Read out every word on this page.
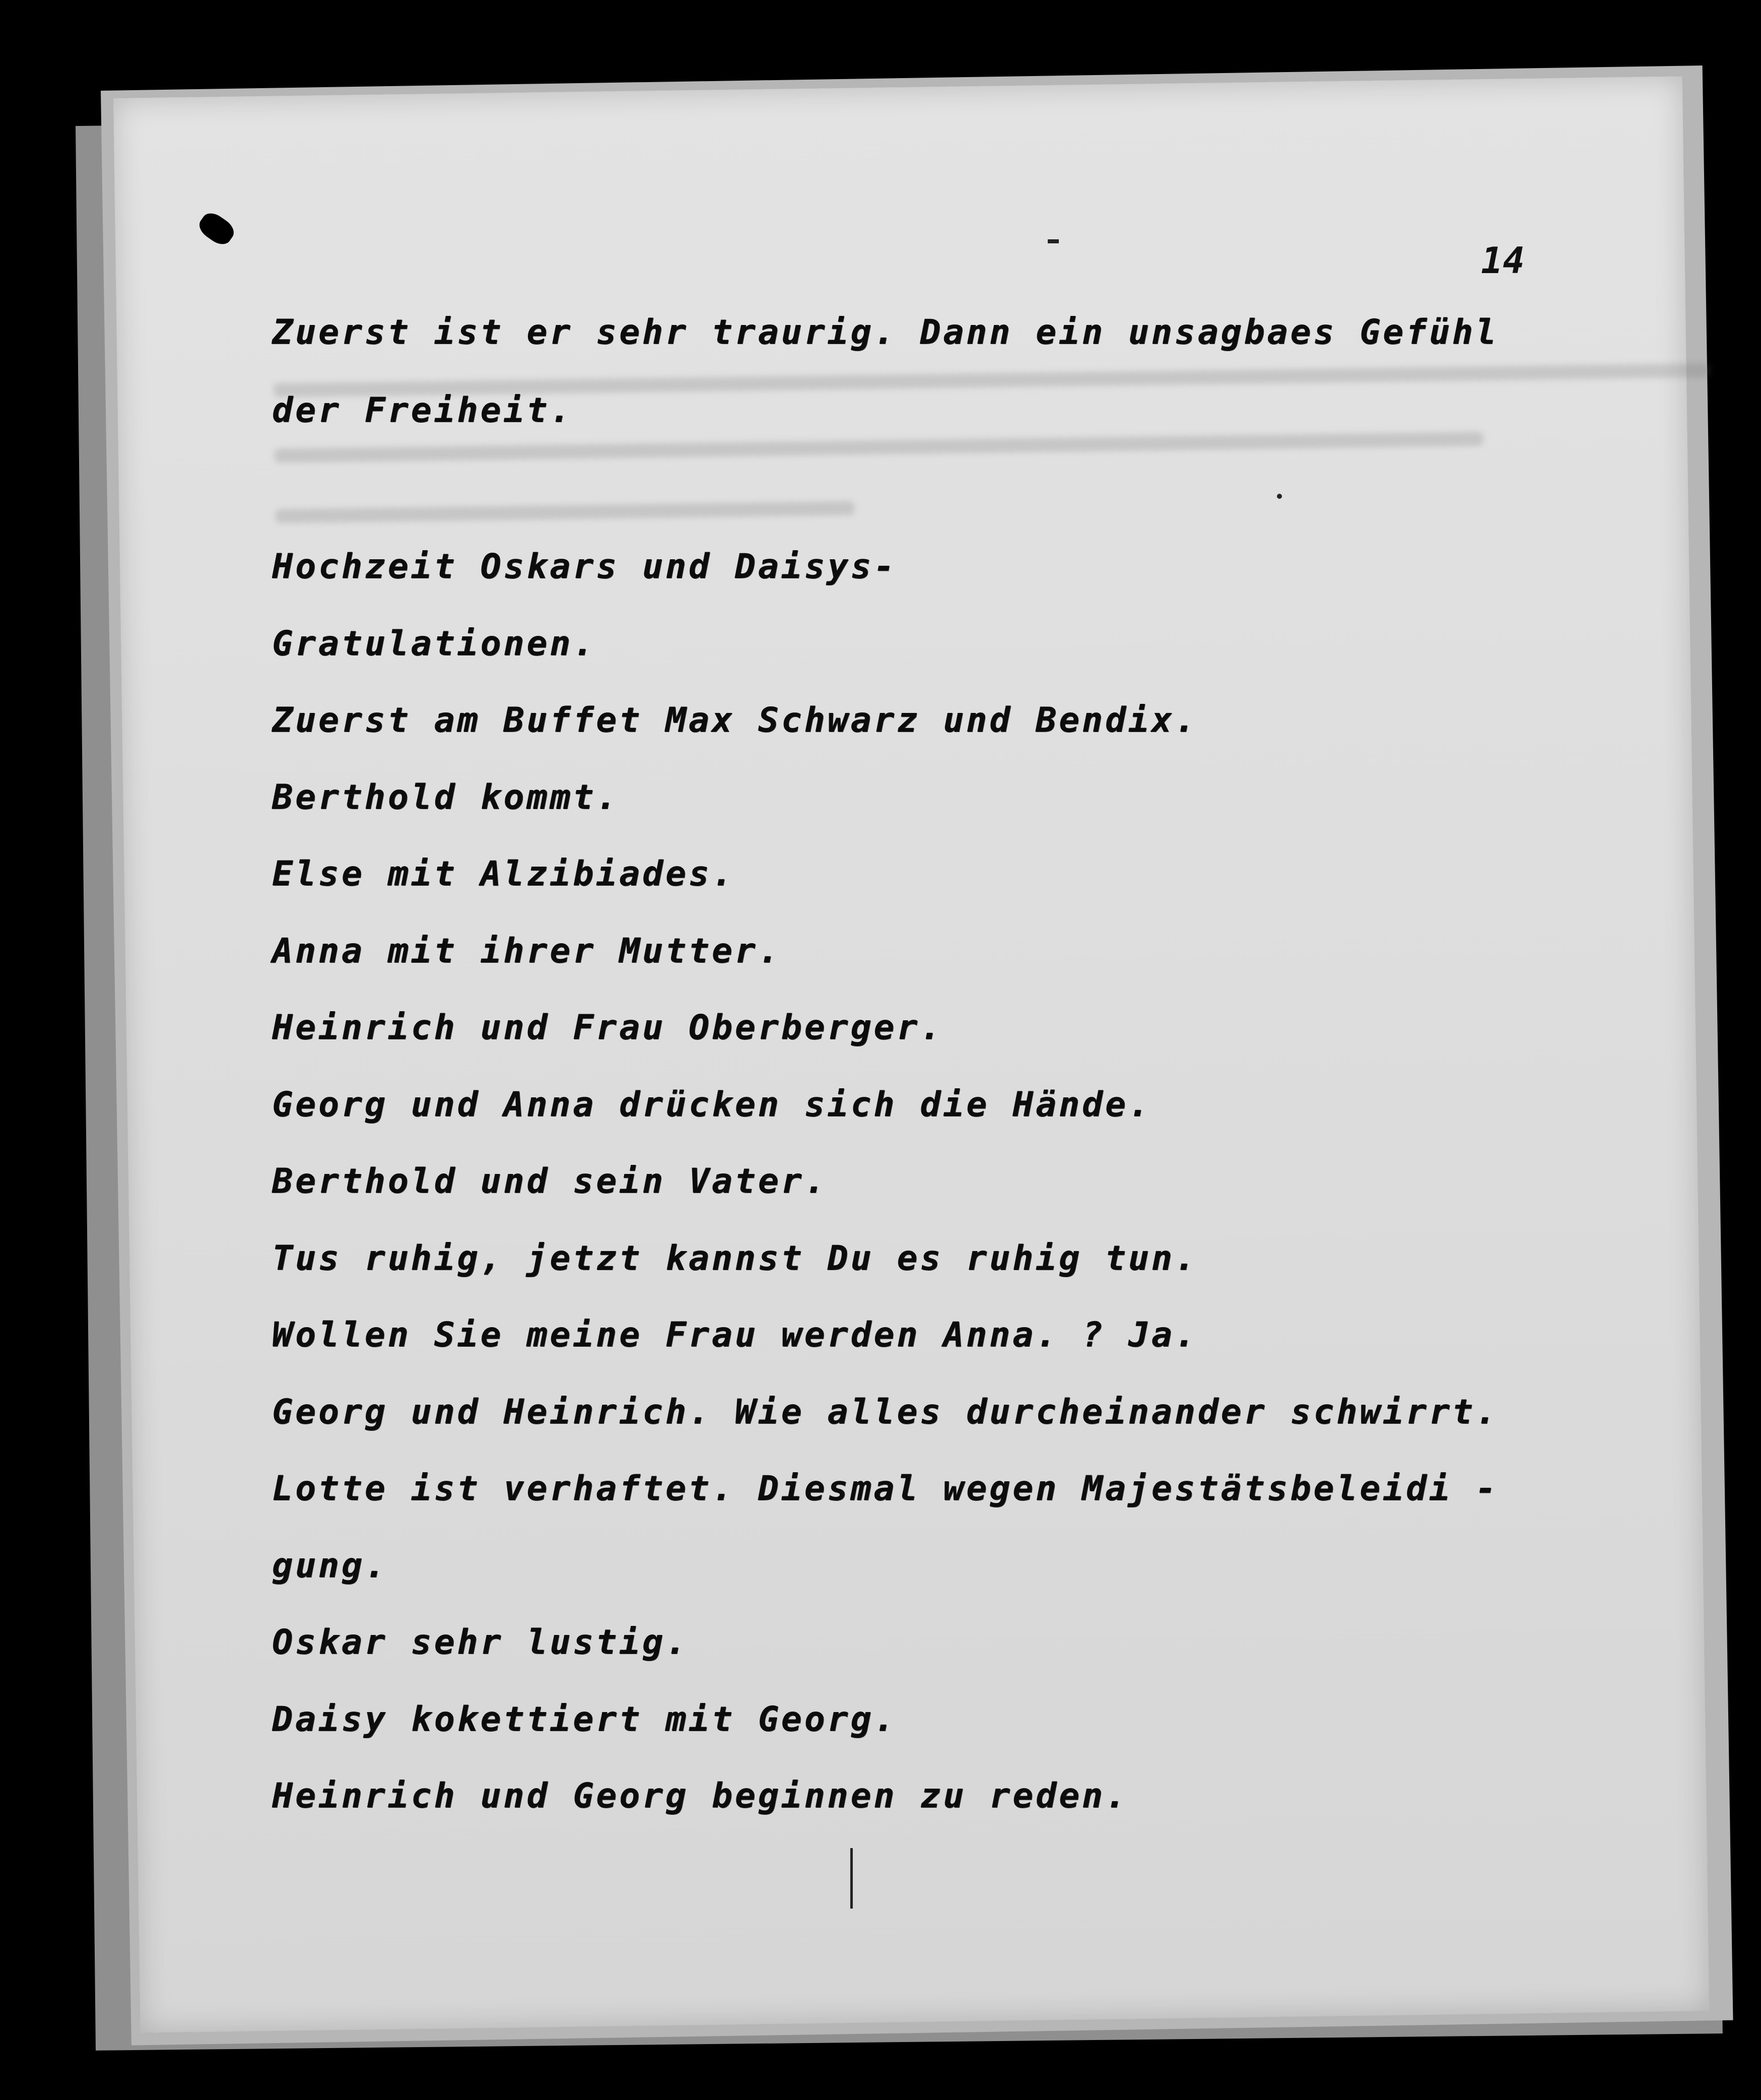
14
Zuerst ist er sehr traurig. Dann ein unsagbaes Gefühl
der Freiheit.
Hochzeit Oskars und Daisys-
Gratulationen.
Zuerst am Buffet Max Schwarz und Bendix.
Berthold kommt.
Else mit Alzibiades.
Anna mit ihrer Mutter.
Heinrich und Frau Oberberger.
Georg und Anna drücken sich die Hände.
Berthold und sein Vater.
Tus ruhig, jetzt kannst Du es ruhig tun.
Wollen Sie meine Frau werden Anna. ? Ja.
Georg und Heinrich. Wie alles durcheinander schwirrt.
Lotte ist verhaftet. Diesmal wegen Majestätsbeleidi -
gung.
Oskar sehr lustig.
Daisy kokettiert mit Georg.
Heinrich und Georg beginnen zu reden.
